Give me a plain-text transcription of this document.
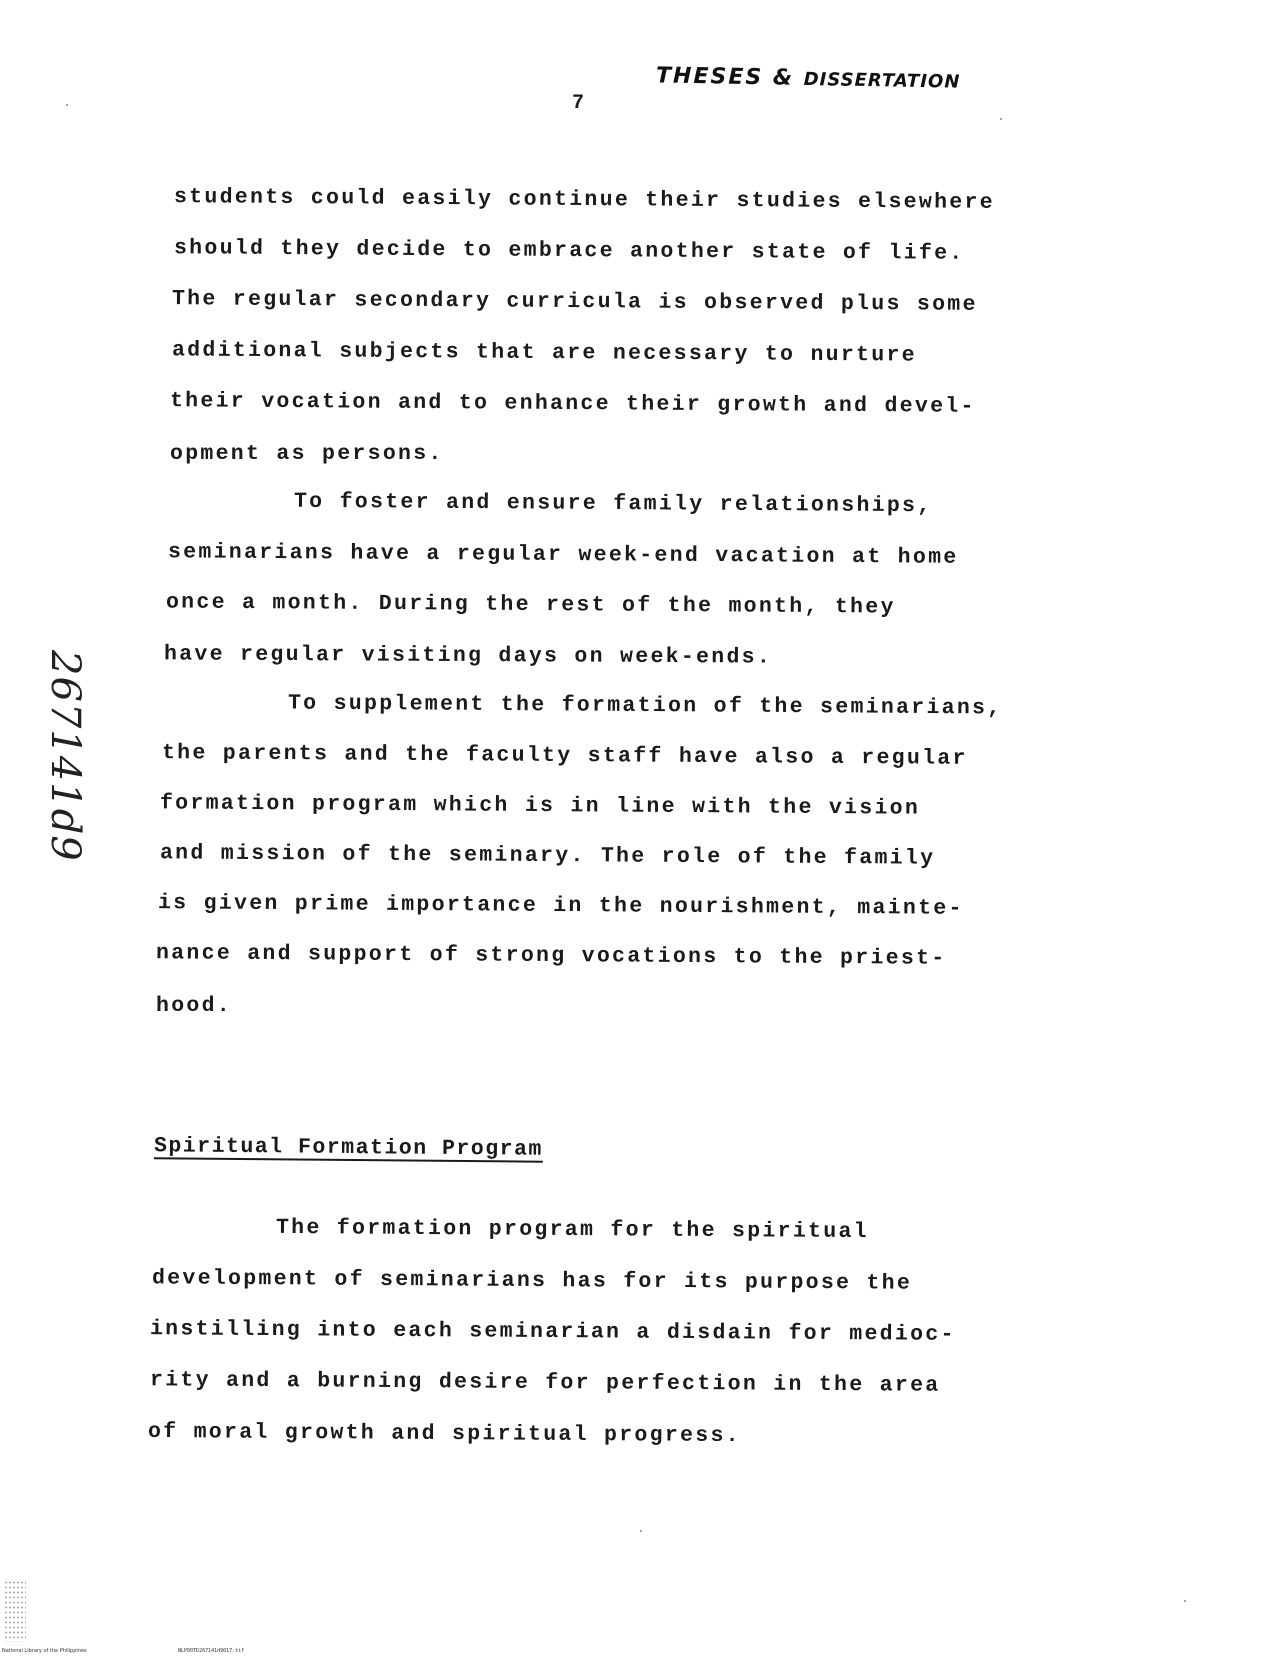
THESES & DISSERTATION
7
267141d9
students could easily continue their studies elsewhere
should they decide to embrace another state of life.
The regular secondary curricula is observed plus some
additional subjects that are necessary to nurture
their vocation and to enhance their growth and devel-
opment as persons.
To foster and ensure family relationships,
seminarians have a regular week-end vacation at home
once a month. During the rest of the month, they
have regular visiting days on week-ends.
To supplement the formation of the seminarians,
the parents and the faculty staff have also a regular
formation program which is in line with the vision
and mission of the seminary. The role of the family
is given prime importance in the nourishment, mainte-
nance and support of strong vocations to the priest-
hood.
Spiritual Formation Program
The formation program for the spiritual
development of seminarians has for its purpose the
instilling into each seminarian a disdain for medioc-
rity and a burning desire for perfection in the area
of moral growth and spiritual progress.
National Library of the Philippines	NLP00TD267141d9017.tif
